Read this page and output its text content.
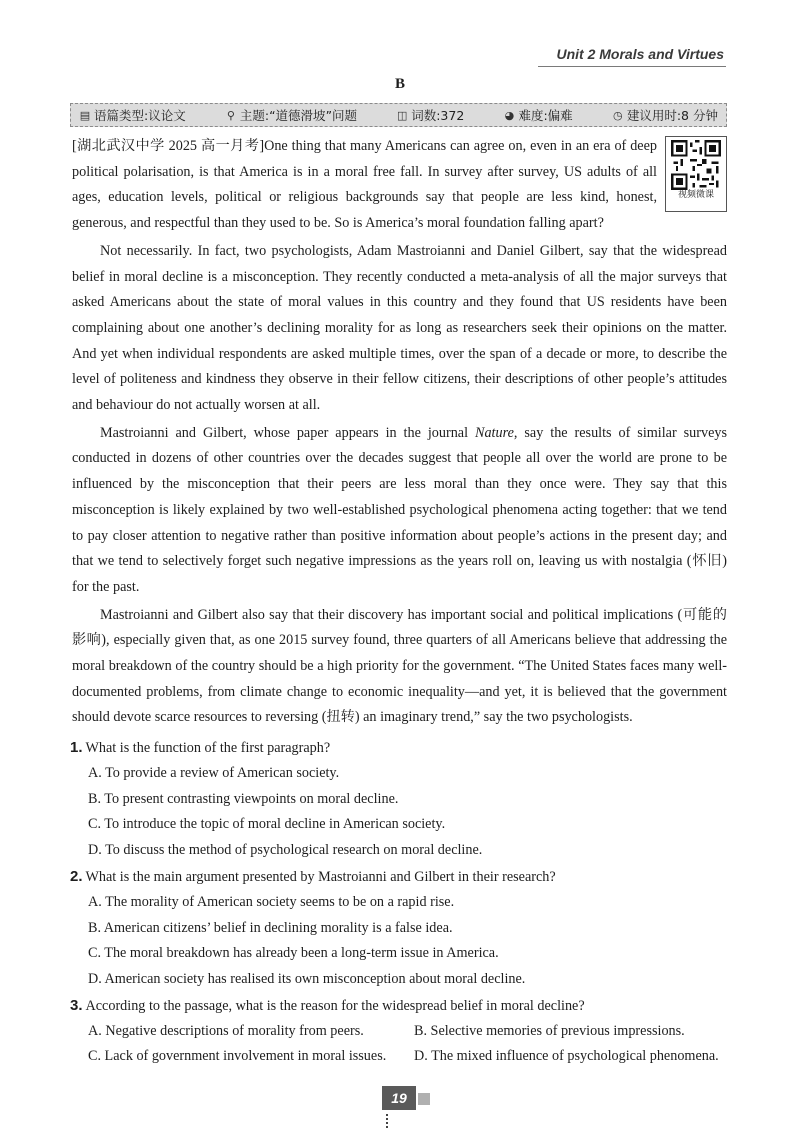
Unit 2 Morals and Virtues
B
▤ 语篇类型:议论文	⚲ 主题:“道德滑坡”问题	◫ 词数:372	◕ 难度:偏难	◷ 建议用时:8 分钟

视频微课
[湖北武汉中学 2025 高一月考]One thing that many Americans can agree on, even in an era of deep political polarisation, is that America is in a moral free fall. In survey after survey, US adults of all ages, education levels, political or religious backgrounds say that people are less kind, honest, generous, and respectful than they used to be. So is America’s moral foundation falling apart?

Not necessarily. In fact, two psychologists, Adam Mastroianni and Daniel Gilbert, say that the widespread belief in moral decline is a misconception. They recently conducted a meta-analysis of all the major surveys that asked Americans about the state of moral values in this country and they found that US residents have been complaining about one another’s declining morality for as long as researchers seek their opinions on the matter. And yet when individual respondents are asked multiple times, over the span of a decade or more, to describe the level of politeness and kindness they observe in their fellow citizens, their descriptions of other people’s attitudes and behaviour do not actually worsen at all.

Mastroianni and Gilbert, whose paper appears in the journal Nature, say the results of similar surveys conducted in dozens of other countries over the decades suggest that people all over the world are prone to be influenced by the misconception that their peers are less moral than they once were. They say that this misconception is likely explained by two well-established psychological phenomena acting together: that we tend to pay closer attention to negative rather than positive information about people’s actions in the present day; and that we tend to selectively forget such negative impressions as the years roll on, leaving us with nostalgia (怀旧) for the past.

Mastroianni and Gilbert also say that their discovery has important social and political implications (可能的影响), especially given that, as one 2015 survey found, three quarters of all Americans believe that addressing the moral breakdown of the country should be a high priority for the government. “The United States faces many well-documented problems, from climate change to economic inequality—and yet, it is believed that the government should devote scarce resources to reversing (扭转) an imaginary trend,” say the two psychologists.

1. What is the function of the first paragraph?

A. To provide a review of American society.

B. To present contrasting viewpoints on moral decline.

C. To introduce the topic of moral decline in American society.

D. To discuss the method of psychological research on moral decline.

2. What is the main argument presented by Mastroianni and Gilbert in their research?

A. The morality of American society seems to be on a rapid rise.

B. American citizens’ belief in declining morality is a false idea.

C. The moral breakdown has already been a long-term issue in America.

D. American society has realised its own misconception about moral decline.

3. According to the passage, what is the reason for the widespread belief in moral decline?

A. Negative descriptions of morality from peers.	B. Selective memories of previous impressions.
C. Lack of government involvement in moral issues.	D. The mixed influence of psychological phenomena.
19
